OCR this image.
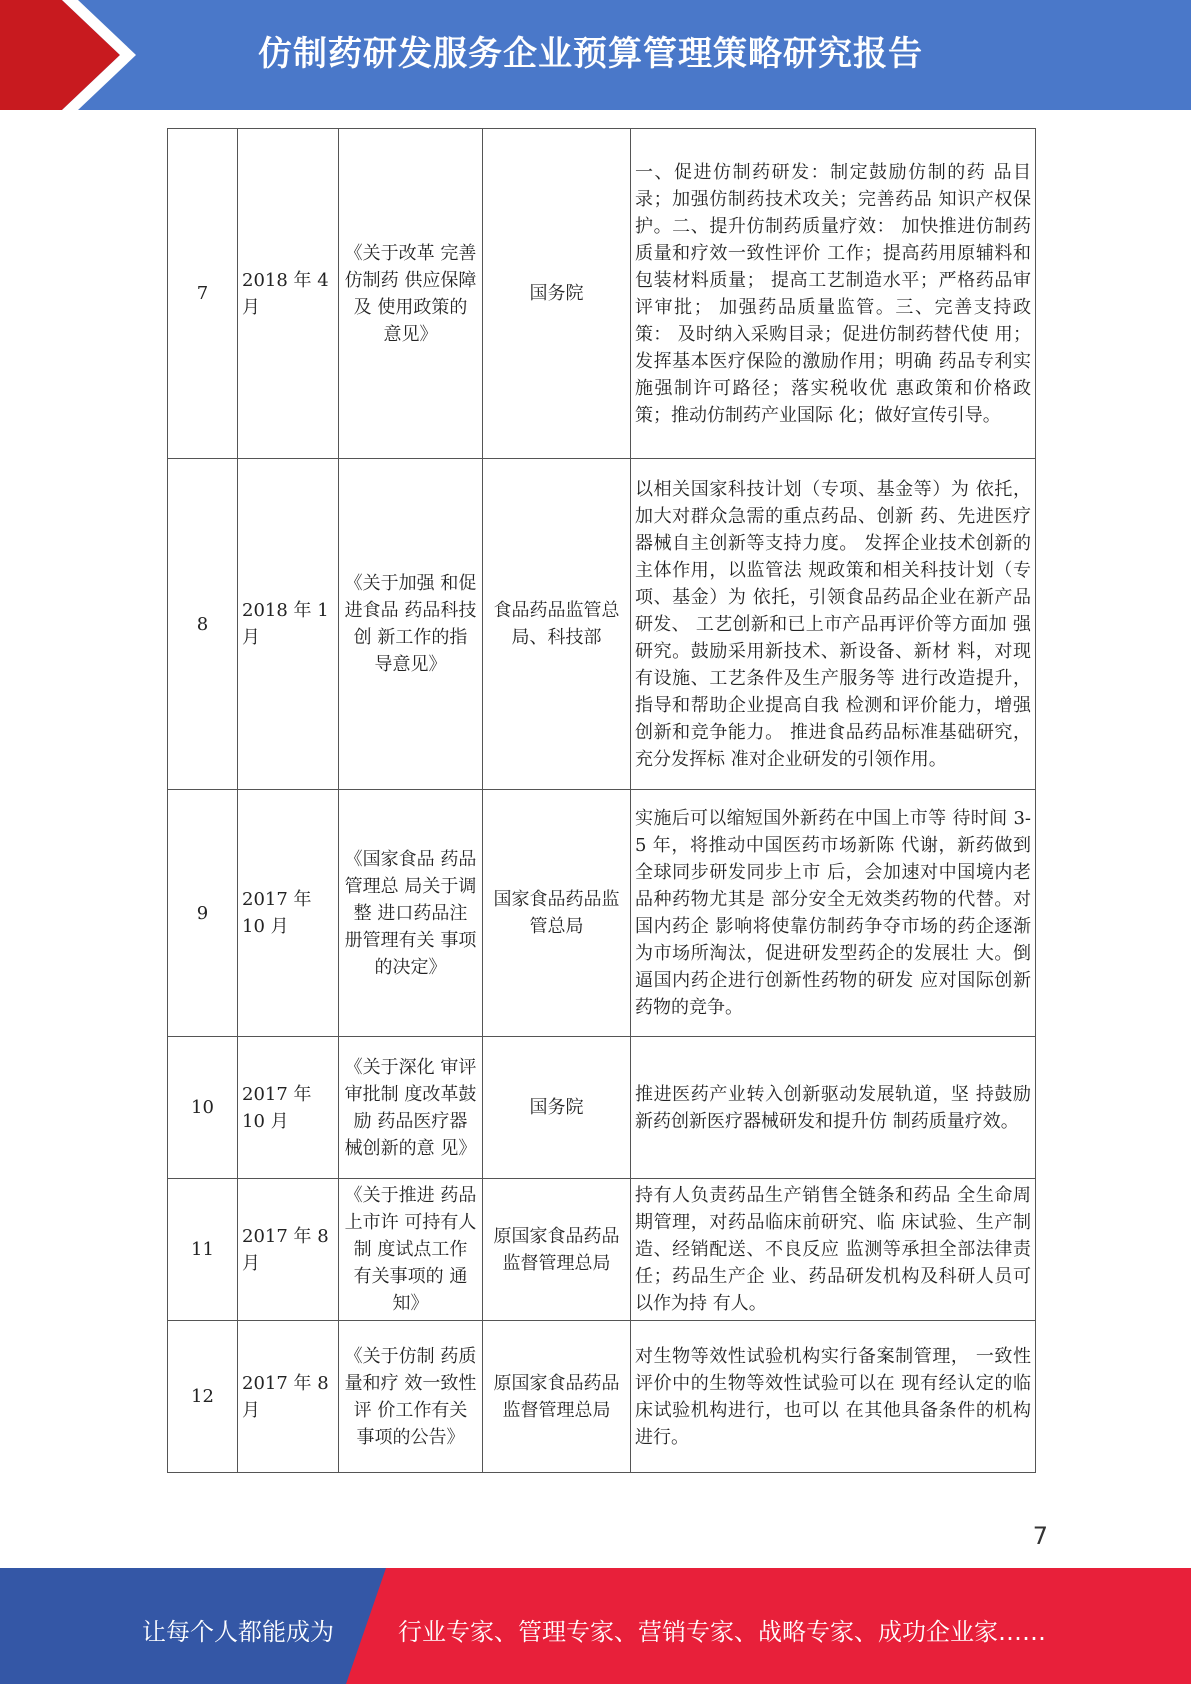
仿制药研发服务企业预算管理策略研究报告
7	2018 年 4 月	《关于改革 完善仿制药 供应保障及 使用政策的 意见》	国务院	一、促进仿制药研发：制定鼓励仿制的药 品目录；加强仿制药技术攻关；完善药品 知识产权保护。二、提升仿制药质量疗效： 加快推进仿制药质量和疗效一致性评价 工作；提高药用原辅料和包装材料质量； 提高工艺制造水平；严格药品审评审批； 加强药品质量监管。三、完善支持政策： 及时纳入采购目录；促进仿制药替代使 用；发挥基本医疗保险的激励作用；明确 药品专利实施强制许可路径；落实税收优 惠政策和价格政策；推动仿制药产业国际 化；做好宣传引导。
8	2018 年 1 月	《关于加强 和促进食品 药品科技创 新工作的指 导意见》	食品药品监管总局、科技部	以相关国家科技计划（专项、基金等）为 依托，加大对群众急需的重点药品、创新 药、先进医疗器械自主创新等支持力度。 发挥企业技术创新的主体作用，以监管法 规政策和相关科技计划（专项、基金）为 依托，引领食品药品企业在新产品研发、 工艺创新和已上市产品再评价等方面加 强研究。鼓励采用新技术、新设备、新材 料，对现有设施、工艺条件及生产服务等 进行改造提升，指导和帮助企业提高自我 检测和评价能力，增强创新和竞争能力。 推进食品药品标准基础研究，充分发挥标 准对企业研发的引领作用。
9	2017 年 10 月	《国家食品 药品管理总 局关于调整 进口药品注 册管理有关 事项的决定》	国家食品药品监管总局	实施后可以缩短国外新药在中国上市等 待时间 3-5 年，将推动中国医药市场新陈 代谢，新药做到全球同步研发同步上市 后，会加速对中国境内老品种药物尤其是 部分安全无效类药物的代替。对国内药企 影响将使靠仿制药争夺市场的药企逐渐 为市场所淘汰，促进研发型药企的发展壮 大。倒逼国内药企进行创新性药物的研发 应对国际创新药物的竞争。
10	2017 年 10 月	《关于深化 审评审批制 度改革鼓励 药品医疗器 械创新的意 见》	国务院	推进医药产业转入创新驱动发展轨道，坚 持鼓励新药创新医疗器械研发和提升仿 制药质量疗效。
11	2017 年 8 月	《关于推进 药品上市许 可持有人制 度试点工作 有关事项的 通知》	原国家食品药品监督管理总局	持有人负责药品生产销售全链条和药品 全生命周期管理，对药品临床前研究、临 床试验、生产制造、经销配送、不良反应 监测等承担全部法律责任；药品生产企 业、药品研发机构及科研人员可以作为持 有人。
12	2017 年 8 月	《关于仿制 药质量和疗 效一致性评 价工作有关 事项的公告》	原国家食品药品监督管理总局	对生物等效性试验机构实行备案制管理， 一致性评价中的生物等效性试验可以在 现有经认定的临床试验机构进行，也可以 在其他具备条件的机构进行。
7
让每个人都能成为	行业专家、管理专家、营销专家、战略专家、成功企业家……
